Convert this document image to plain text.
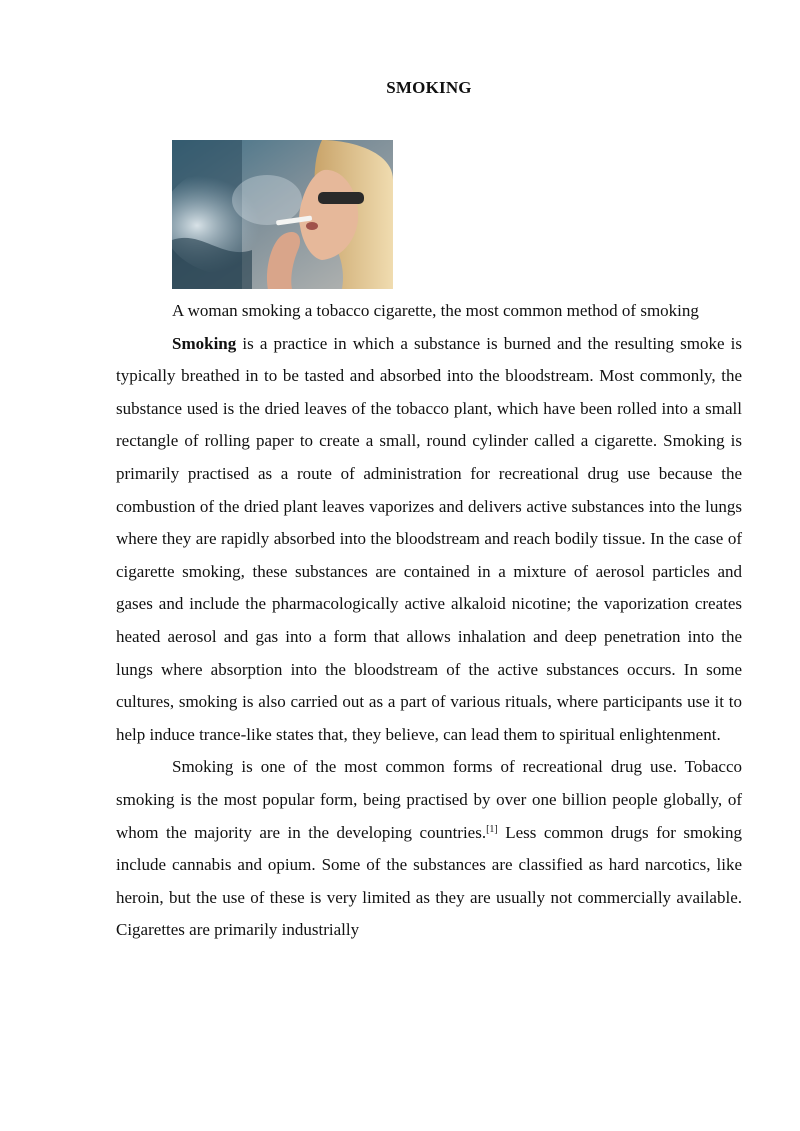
SMOKING

A woman smoking a tobacco cigarette, the most common method of smoking

Smoking is a practice in which a substance is burned and the resulting smoke is typically breathed in to be tasted and absorbed into the bloodstream. Most commonly, the substance used is the dried leaves of the tobacco plant, which have been rolled into a small rectangle of rolling paper to create a small, round cylinder called a cigarette. Smoking is primarily practised as a route of administration for recreational drug use because the combustion of the dried plant leaves vaporizes and delivers active substances into the lungs where they are rapidly absorbed into the bloodstream and reach bodily tissue. In the case of cigarette smoking, these substances are contained in a mixture of aerosol particles and gases and include the pharmacologically active alkaloid nicotine; the vaporization creates heated aerosol and gas into a form that allows inhalation and deep penetration into the lungs where absorption into the bloodstream of the active substances occurs. In some cultures, smoking is also carried out as a part of various rituals, where participants use it to help induce trance-like states that, they believe, can lead them to spiritual enlightenment.

Smoking is one of the most common forms of recreational drug use. Tobacco smoking is the most popular form, being practised by over one billion people globally, of whom the majority are in the developing countries.[1] Less common drugs for smoking include cannabis and opium. Some of the substances are classified as hard narcotics, like heroin, but the use of these is very limited as they are usually not commercially available. Cigarettes are primarily industrially
